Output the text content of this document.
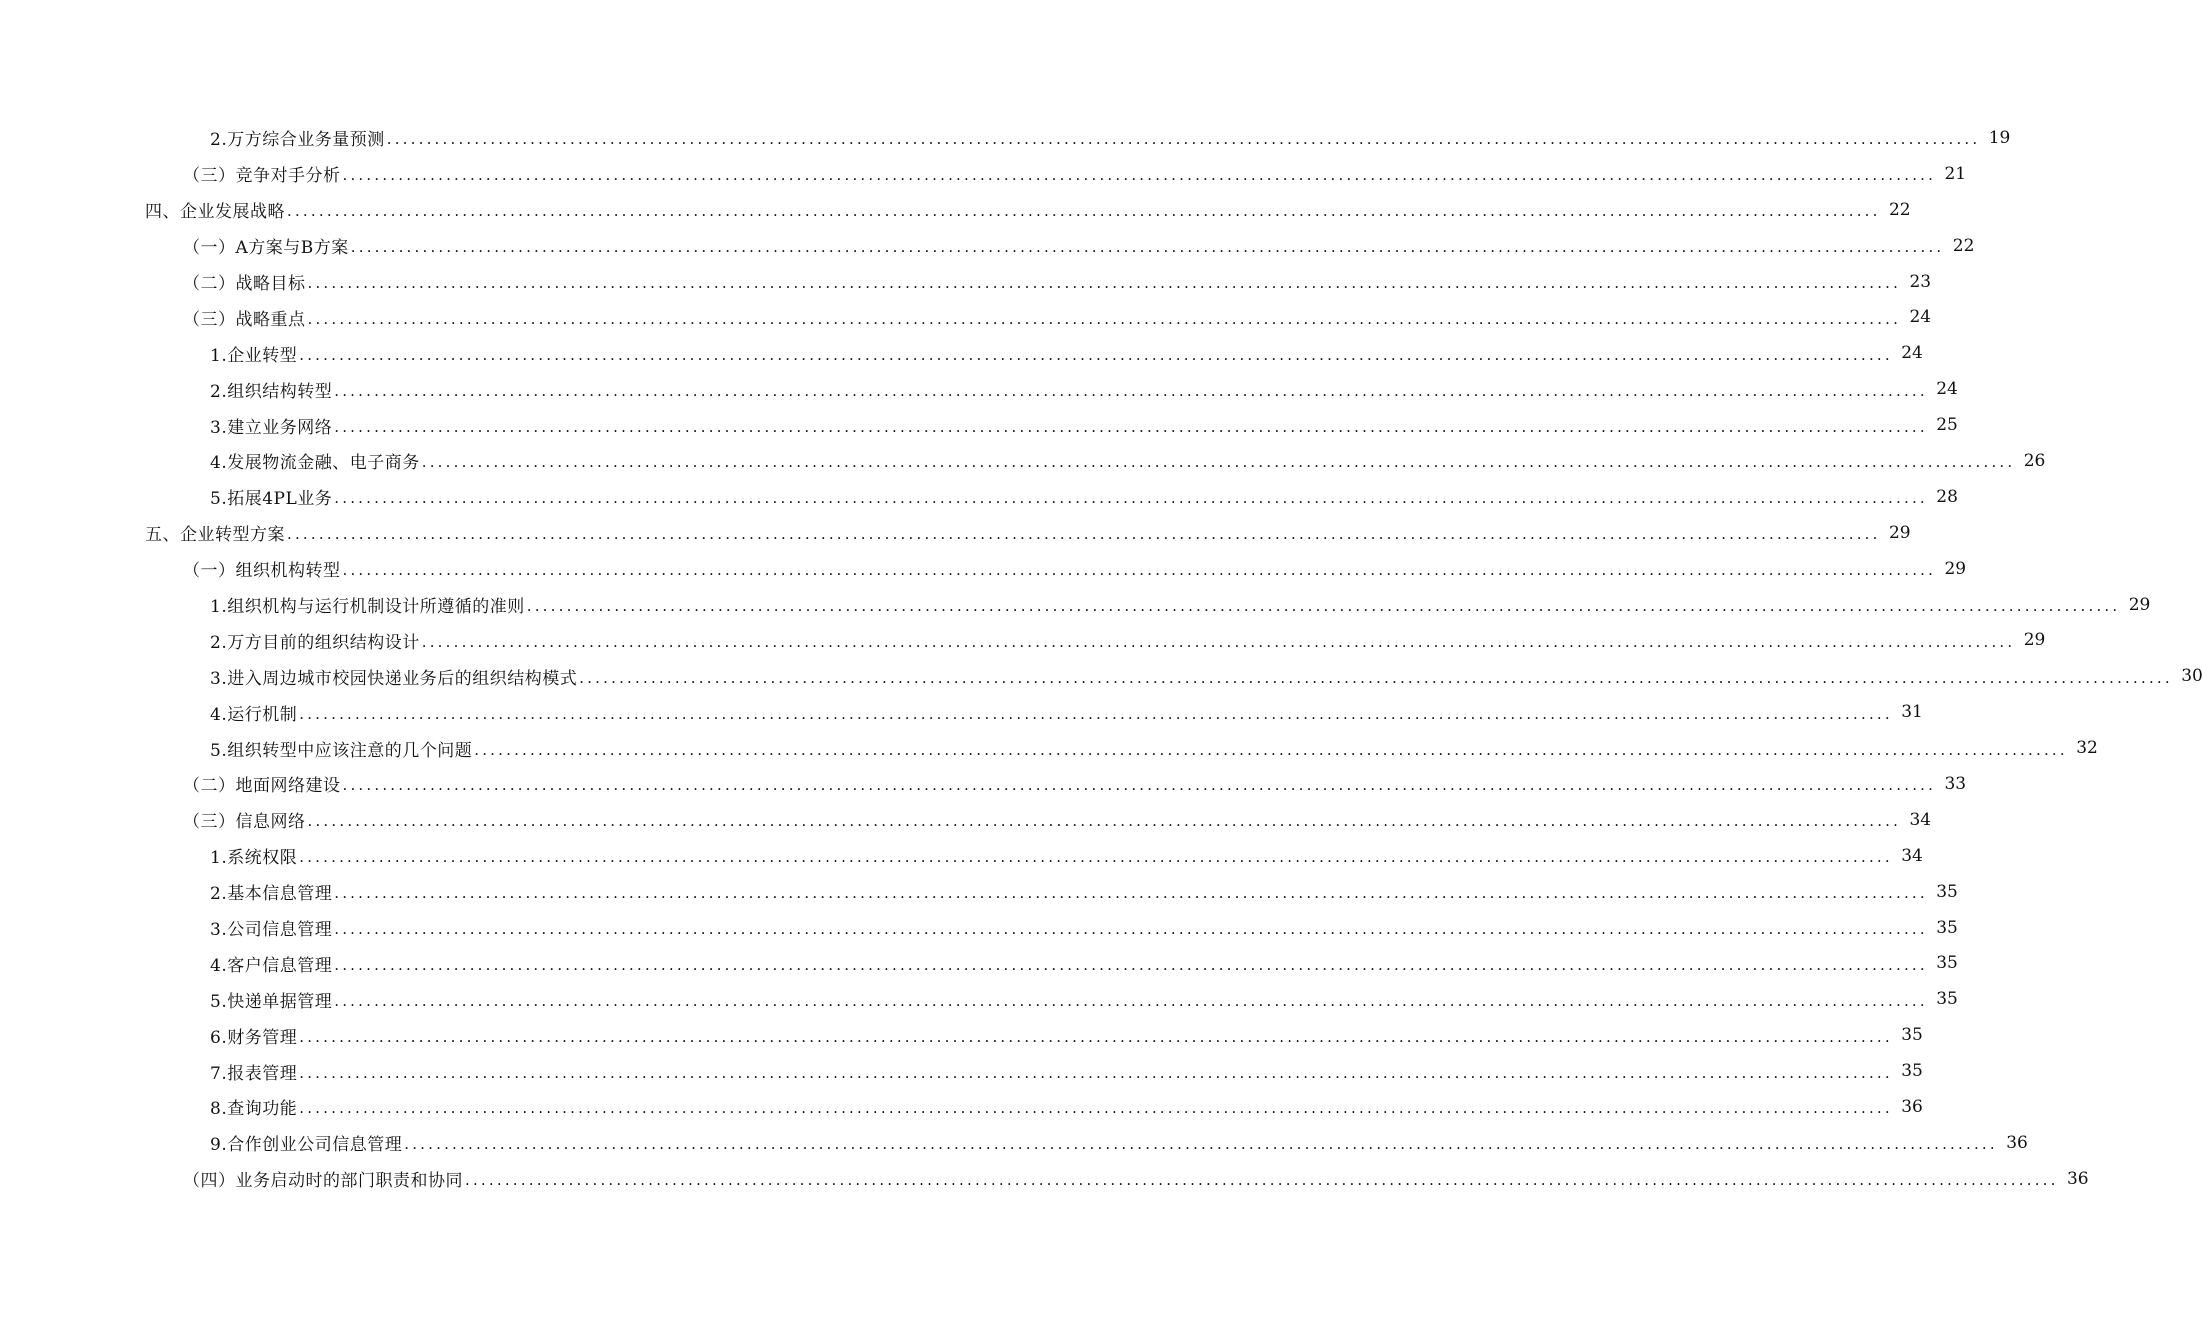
2.万方综合业务量预测 ........................................................................................................................................................................................................ 19
（三）竞争对手分析 ........................................................................................................................................................................................................ 21
四、企业发展战略 ........................................................................................................................................................................................................ 22
（一）A方案与B方案 ........................................................................................................................................................................................................ 22
（二）战略目标 ........................................................................................................................................................................................................ 23
（三）战略重点 ........................................................................................................................................................................................................ 24
1.企业转型 ........................................................................................................................................................................................................ 24
2.组织结构转型 ........................................................................................................................................................................................................ 24
3.建立业务网络 ........................................................................................................................................................................................................ 25
4.发展物流金融、电子商务 ........................................................................................................................................................................................................ 26
5.拓展4PL业务 ........................................................................................................................................................................................................ 28
五、企业转型方案 ........................................................................................................................................................................................................ 29
（一）组织机构转型 ........................................................................................................................................................................................................ 29
1.组织机构与运行机制设计所遵循的准则 ........................................................................................................................................................................................................ 29
2.万方目前的组织结构设计 ........................................................................................................................................................................................................ 29
3.进入周边城市校园快递业务后的组织结构模式 ........................................................................................................................................................................................................ 30
4.运行机制 ........................................................................................................................................................................................................ 31
5.组织转型中应该注意的几个问题 ........................................................................................................................................................................................................ 32
（二）地面网络建设 ........................................................................................................................................................................................................ 33
（三）信息网络 ........................................................................................................................................................................................................ 34
1.系统权限 ........................................................................................................................................................................................................ 34
2.基本信息管理 ........................................................................................................................................................................................................ 35
3.公司信息管理 ........................................................................................................................................................................................................ 35
4.客户信息管理 ........................................................................................................................................................................................................ 35
5.快递单据管理 ........................................................................................................................................................................................................ 35
6.财务管理 ........................................................................................................................................................................................................ 35
7.报表管理 ........................................................................................................................................................................................................ 35
8.查询功能 ........................................................................................................................................................................................................ 36
9.合作创业公司信息管理 ........................................................................................................................................................................................................ 36
（四）业务启动时的部门职责和协同 ........................................................................................................................................................................................................ 36
